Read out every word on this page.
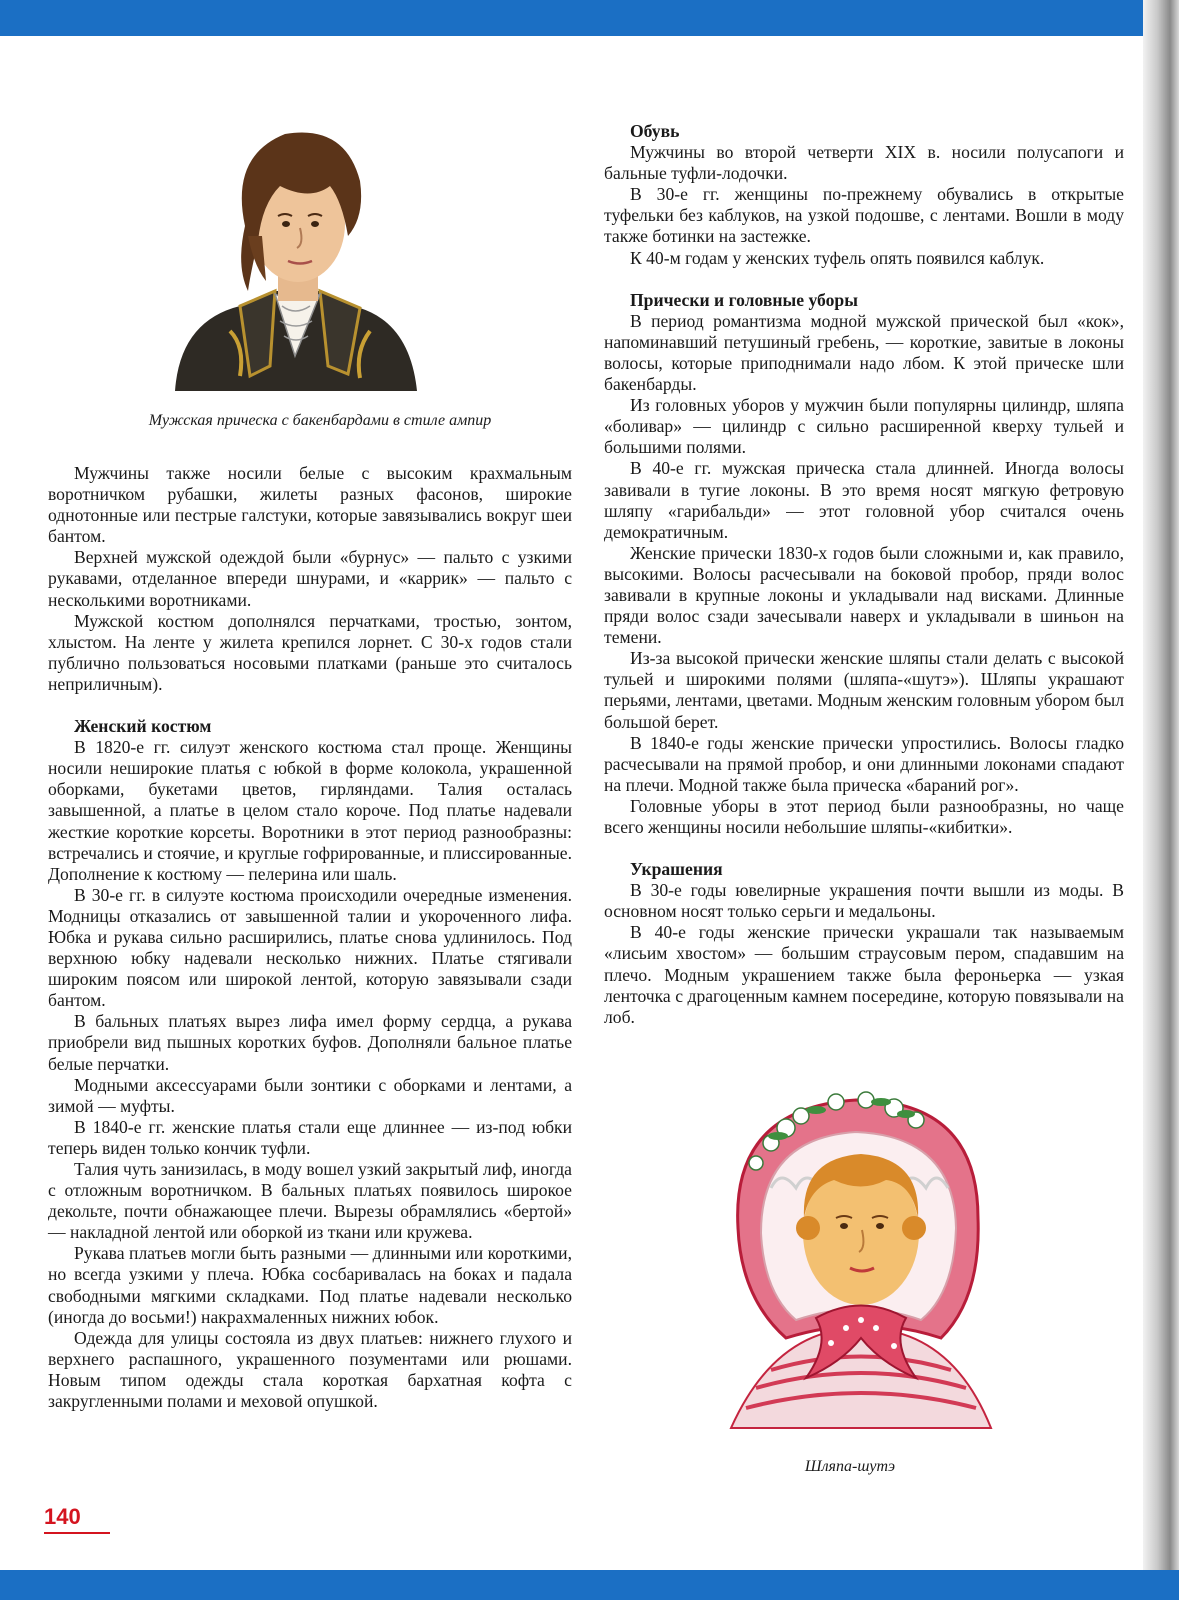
Мужская прическа с бакенбардами в стиле ампир

Мужчины также носили белые с высоким крахмальным воротничком рубашки, жилеты разных фасонов, широкие однотонные или пестрые галстуки, которые завязывались вокруг шеи бантом.

Верхней мужской одеждой были «бурнус» — пальто с узкими рукавами, отделанное впереди шнурами, и «каррик» — пальто с несколькими воротниками.

Мужской костюм дополнялся перчатками, тростью, зонтом, хлыстом. На ленте у жилета крепился лорнет. С 30-х годов стали публично пользоваться носовыми платками (раньше это считалось неприличным).

Женский костюм

В 1820-е гг. силуэт женского костюма стал проще. Женщины носили неширокие платья с юбкой в форме колокола, украшенной оборками, букетами цветов, гирляндами. Талия осталась завышенной, а платье в целом стало короче. Под платье надевали жесткие короткие корсеты. Воротники в этот период разнообразны: встречались и стоячие, и круглые гофрированные, и плиссированные. Дополнение к костюму — пелерина или шаль.

В 30-е гг. в силуэте костюма происходили очередные изменения. Модницы отказались от завышенной талии и укороченного лифа. Юбка и рукава сильно расширились, платье снова удлинилось. Под верхнюю юбку надевали несколько нижних. Платье стягивали широким поясом или широкой лентой, которую завязывали сзади бантом.

В бальных платьях вырез лифа имел форму сердца, а рукава приобрели вид пышных коротких буфов. Дополняли бальное платье белые перчатки.

Модными аксессуарами были зонтики с оборками и лентами, а зимой — муфты.

В 1840-е гг. женские платья стали еще длиннее — из-под юбки теперь виден только кончик туфли.

Талия чуть занизилась, в моду вошел узкий закрытый лиф, иногда с отложным воротничком. В бальных платьях появилось широкое декольте, почти обнажающее плечи. Вырезы обрамлялись «бертой» — накладной лентой или оборкой из ткани или кружева.

Рукава платьев могли быть разными — длинными или короткими, но всегда узкими у плеча. Юбка сосбаривалась на боках и падала свободными мягкими складками. Под платье надевали несколько (иногда до восьми!) накрахмаленных нижних юбок.

Одежда для улицы состояла из двух платьев: нижнего глухого и верхнего распашного, украшенного позументами или рюшами. Новым типом одежды стала короткая бархатная кофта с закругленными полами и меховой опушкой.

Обувь

Мужчины во второй четверти XIX в. носили полусапоги и бальные туфли-лодочки.

В 30-е гг. женщины по-прежнему обувались в открытые туфельки без каблуков, на узкой подошве, с лентами. Вошли в моду также ботинки на застежке.

К 40-м годам у женских туфель опять появился каблук.

Прически и головные уборы

В период романтизма модной мужской прической был «кок», напоминавший петушиный гребень, — короткие, завитые в локоны волосы, которые приподнимали надо лбом. К этой прическе шли бакенбарды.

Из головных уборов у мужчин были популярны цилиндр, шляпа «боливар» — цилиндр с сильно расширенной кверху тульей и большими полями.

В 40-е гг. мужская прическа стала длинней. Иногда волосы завивали в тугие локоны. В это время носят мягкую фетровую шляпу «гарибальди» — этот головной убор считался очень демократичным.

Женские прически 1830-х годов были сложными и, как правило, высокими. Волосы расчесывали на боковой пробор, пряди волос завивали в крупные локоны и укладывали над висками. Длинные пряди волос сзади зачесывали наверх и укладывали в шиньон на темени.

Из-за высокой прически женские шляпы стали делать с высокой тульей и широкими полями (шляпа-«шутэ»). Шляпы украшают перьями, лентами, цветами. Модным женским головным убором был большой берет.

В 1840-е годы женские прически упростились. Волосы гладко расчесывали на прямой пробор, и они длинными локонами спадают на плечи. Модной также была прическа «бараний рог».

Головные уборы в этот период были разнообразны, но чаще всего женщины носили небольшие шляпы-«кибитки».

Украшения

В 30-е годы ювелирные украшения почти вышли из моды. В основном носят только серьги и медальоны.

В 40-е годы женские прически украшали так называемым «лисьим хвостом» — большим страусовым пером, спадавшим на плечо. Модным украшением также была фероньерка — узкая ленточка с драгоценным камнем посередине, которую повязывали на лоб.

Шляпа-шутэ
140
